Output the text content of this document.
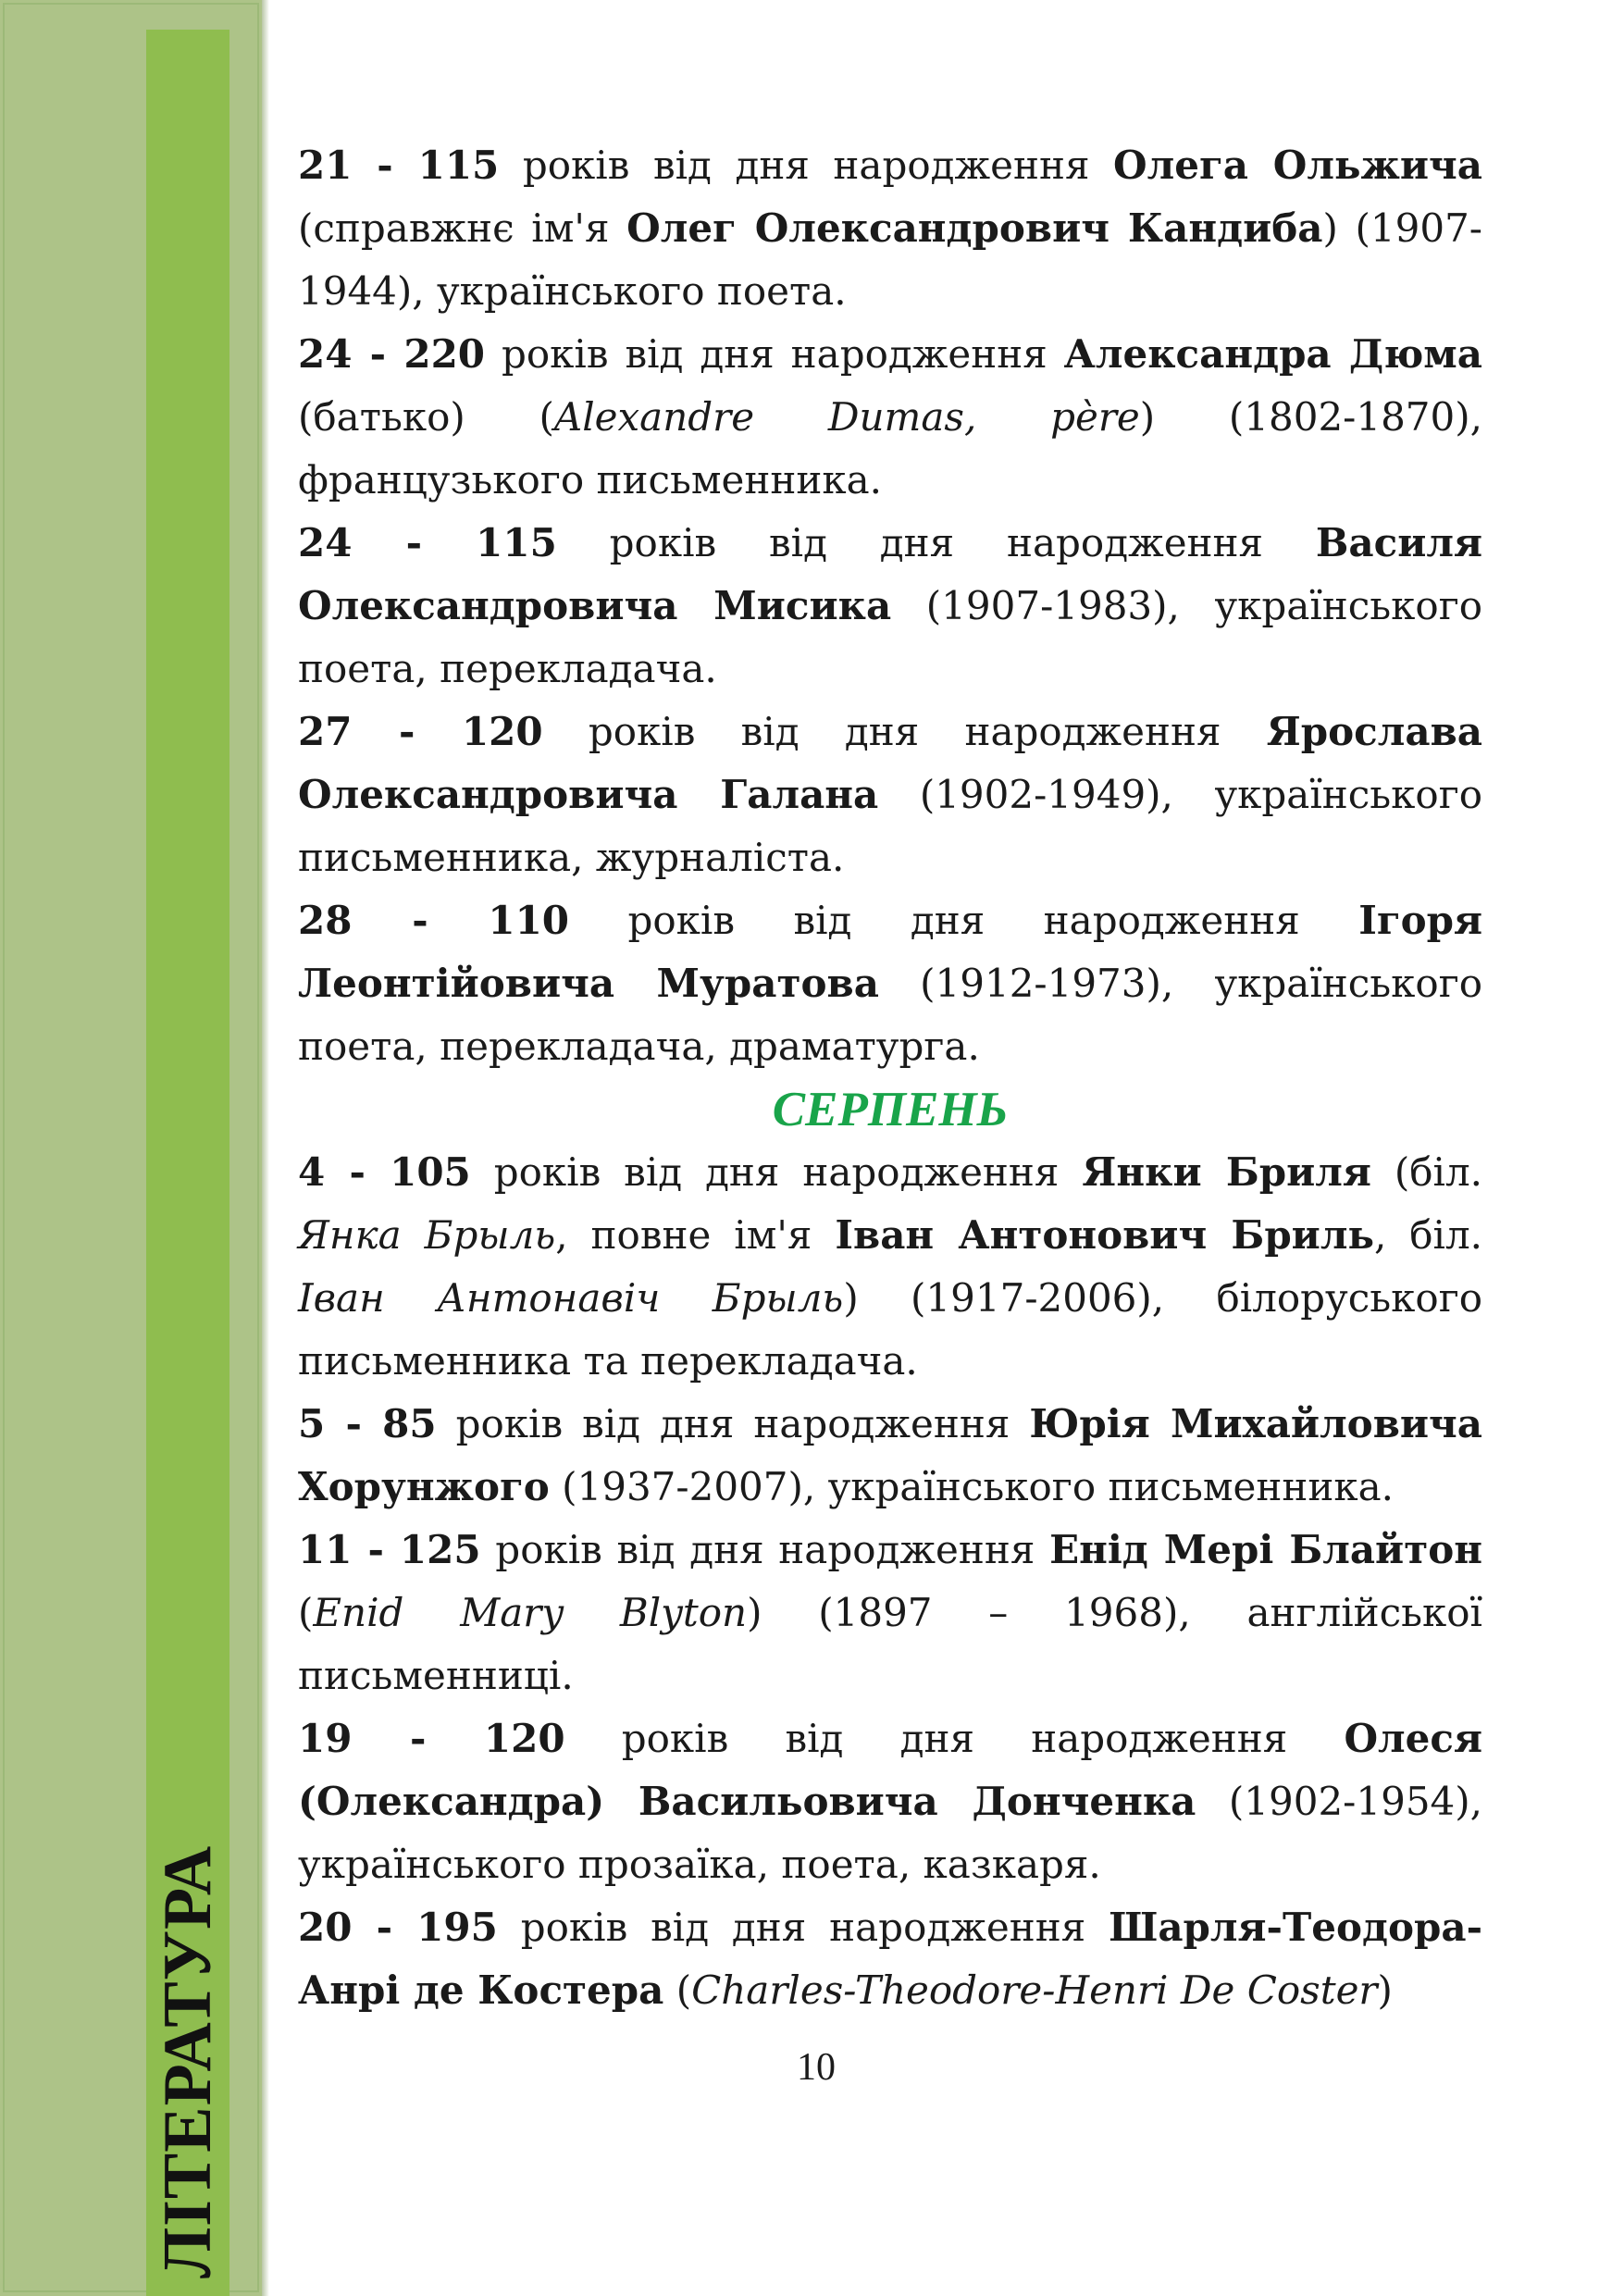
ЛІТЕРАТУРА

21 - 115 років від дня народження Олега Ольжича (справжнє ім'я Олег Олександрович Кандиба) (1907-1944), українського поета.

24 - 220 років від дня народження Александра Дюма (батько) (Alexandre Dumas, père) (1802-1870), французького письменника.

24 - 115 років від дня народження Василя Олександровича Мисика (1907-1983), українського поета, перекладача.

27 - 120 років від дня народження Ярослава Олександровича Галана (1902-1949), українського письменника, журналіста.

28 - 110 років від дня народження Ігоря Леонтійовича Муратова (1912-1973), українського поета, перекладача, драматурга.

СЕРПЕНЬ

4 - 105 років від дня народження Янки Бриля (біл. Янка Брыль, повне ім'я Іван Антонович Бриль, біл. Іван Антонавіч Брыль) (1917-2006), білоруського письменника та перекладача.

5 - 85 років від дня народження Юрія Михайловича Хорунжого (1937-2007), українського письменника.

11 - 125 років від дня народження Енід Мері Блайтон (Enid Mary Blyton) (1897 – 1968), англійської письменниці.

19 - 120 років від дня народження Олеся (Олександра) Васильовича Донченка (1902-1954), українського прозаїка, поета, казкаря.

20 - 195 років від дня народження Шарля-Теодора-Анрі де Костера (Charles-Theodore-Henri De Coster)

10
